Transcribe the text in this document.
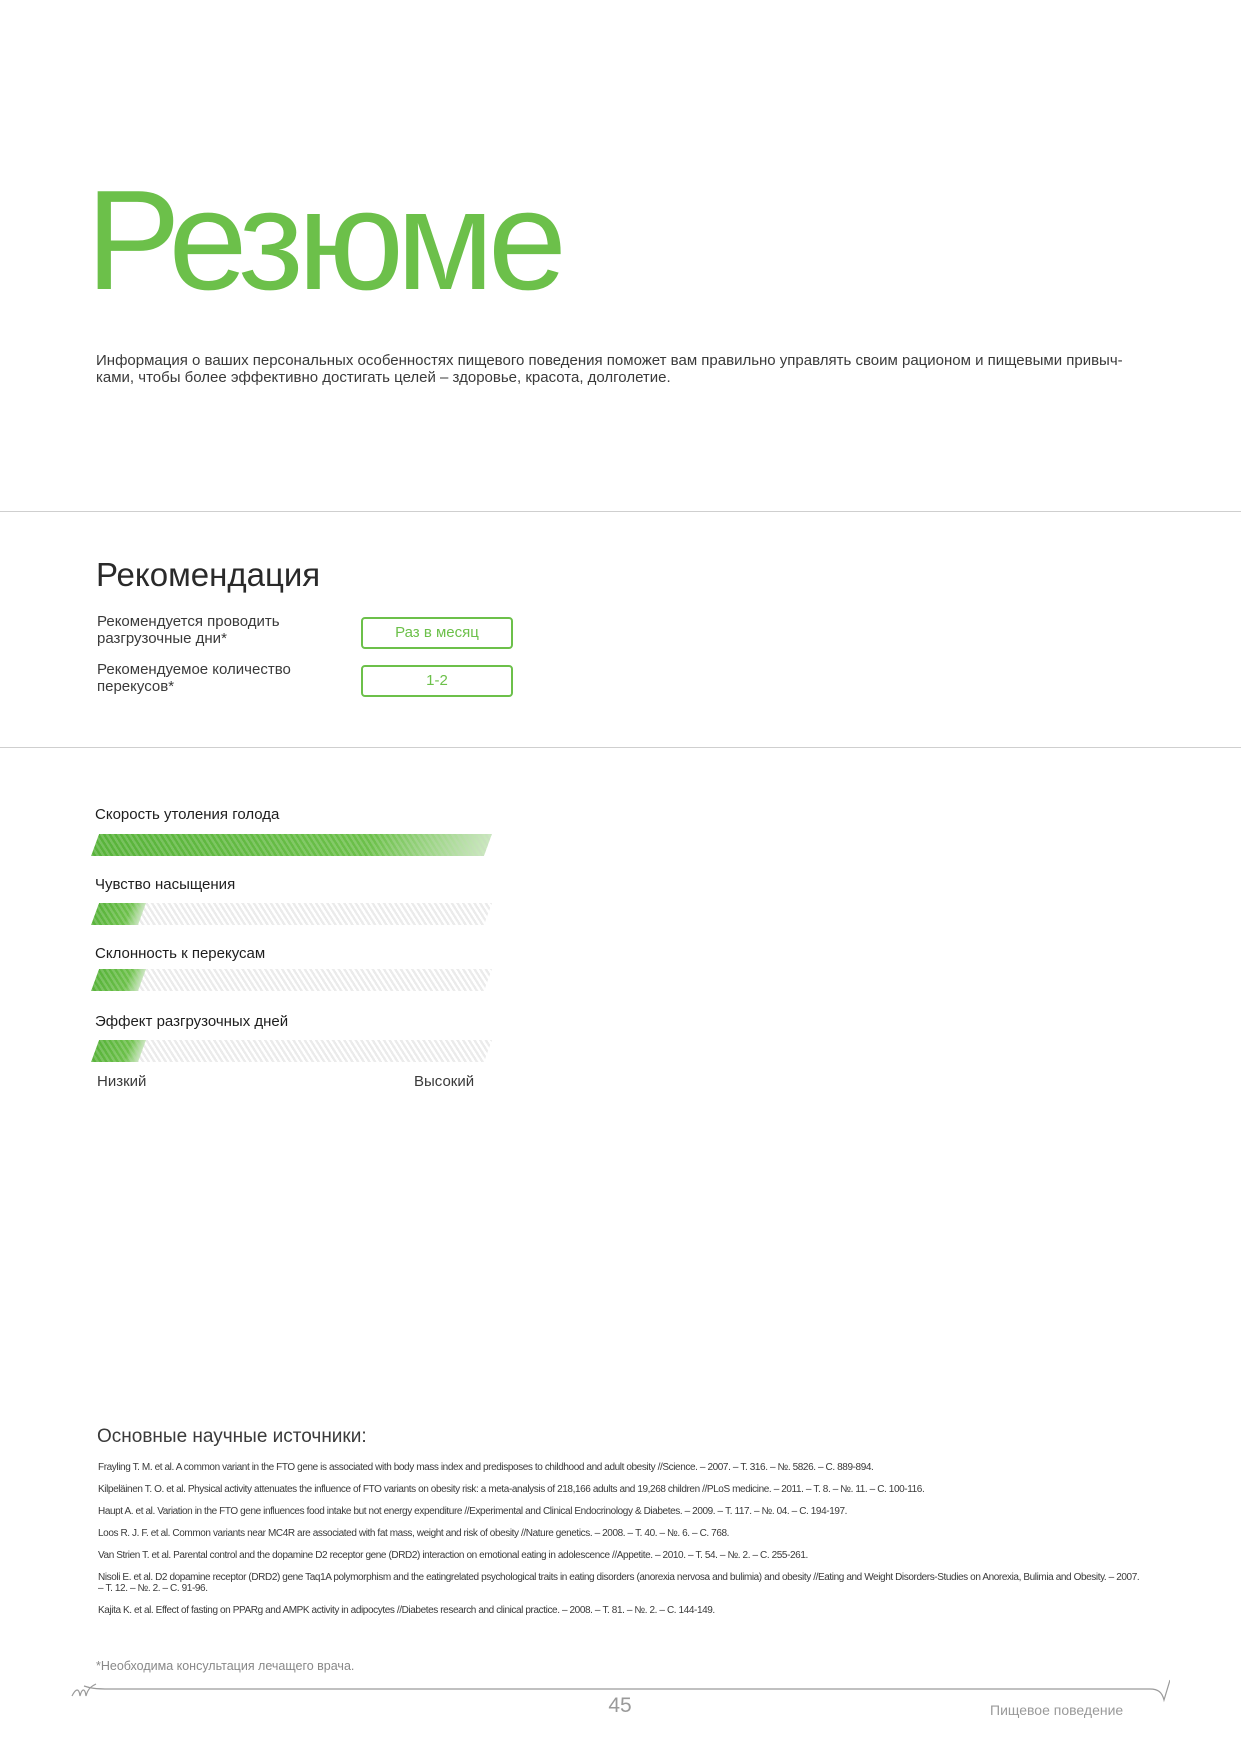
Резюме

Информация о ваших персональных особенностях пищевого поведения поможет вам правильно управлять своим рационом и пищевыми привыч-ками, чтобы более эффективно достигать целей – здоровье, красота, долголетие.

Рекомендация
Рекомендуется проводить разгрузочные дни*	Раз в месяц
Рекомендуемое количество перекусов*	1-2
Скорость утоления голода
Чувство насыщения
Склонность к перекусам
Эффект разгрузочных дней
Низкий	Высокий
Основные научные источники:
Frayling T. M. et al. A common variant in the FTO gene is associated with body mass index and predisposes to childhood and adult obesity //Science. – 2007. – Т. 316. – №. 5826. – С. 889-894.
Kilpeläinen T. O. et al. Physical activity attenuates the influence of FTO variants on obesity risk: a meta-analysis of 218,166 adults and 19,268 children //PLoS medicine. – 2011. – Т. 8. – №. 11. – С. 100-116.
Haupt A. et al. Variation in the FTO gene influences food intake but not energy expenditure //Experimental and Clinical Endocrinology & Diabetes. – 2009. – Т. 117. – №. 04. – С. 194-197.
Loos R. J. F. et al. Common variants near MC4R are associated with fat mass, weight and risk of obesity //Nature genetics. – 2008. – Т. 40. – №. 6. – С. 768.
Van Strien T. et al. Parental control and the dopamine D2 receptor gene (DRD2) interaction on emotional eating in adolescence //Appetite. – 2010. – Т. 54. – №. 2. – С. 255-261.
Nisoli E. et al. D2 dopamine receptor (DRD2) gene Taq1A polymorphism and the eatingrelated psychological traits in eating disorders (anorexia nervosa and bulimia) and obesity //Eating and Weight Disorders-Studies on Anorexia, Bulimia and Obesity. – 2007. – Т. 12. – №. 2. – С. 91-96.
Kajita K. et al. Effect of fasting on PPARg and AMPK activity in adipocytes //Diabetes research and clinical practice. – 2008. – Т. 81. – №. 2. – С. 144-149.
*Необходима консультация лечащего врача.
45	Пищевое поведение
